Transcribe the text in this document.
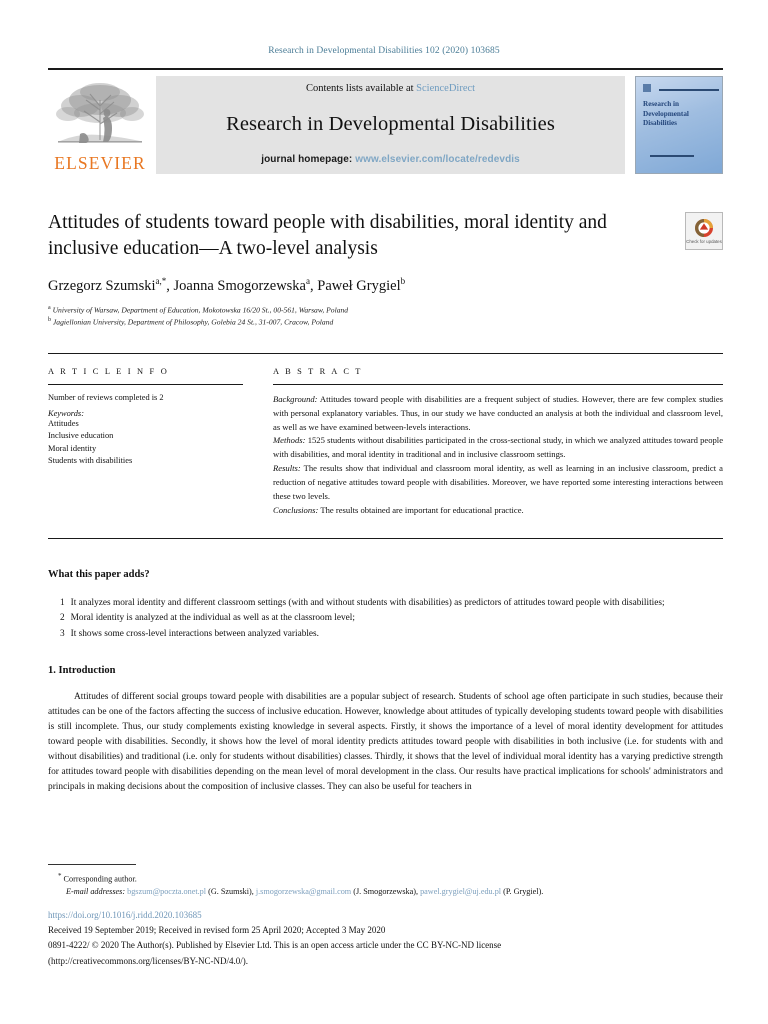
Research in Developmental Disabilities 102 (2020) 103685
ELSEVIER
Contents lists available at ScienceDirect
Research in Developmental Disabilities
journal homepage: www.elsevier.com/locate/redevdis
Research in Developmental Disabilities
Attitudes of students toward people with disabilities, moral identity and inclusive education—A two-level analysis
Grzegorz Szumski$^{a,*}$, Joanna Smogorzewska$^a$, Paweł Grygiel$^b$
$^a$ University of Warsaw, Department of Education, Mokotowska 16/20 St., 00-561, Warsaw, Poland
$^b$ Jagiellonian University, Department of Philosophy, Golebia 24 St., 31-007, Cracow, Poland
Check for updates
A R T I C L E I N F O
Number of reviews completed is 2
Keywords:
Attitudes
Inclusive education
Moral identity
Students with disabilities
A B S T R A C T

Background: Attitudes toward people with disabilities are a frequent subject of studies. However, there are few complex studies with personal explanatory variables. Thus, in our study we have conducted an analysis at both the individual and classroom level, as well as we have examined between-levels interactions.

Methods: 1525 students without disabilities participated in the cross-sectional study, in which we analyzed attitudes toward people with disabilities, and moral identity in traditional and in inclusive classroom settings.

Results: The results show that individual and classroom moral identity, as well as learning in an inclusive classroom, predict a reduction of negative attitudes toward people with disabilities. Moreover, we have reported some interesting interactions between these two levels.

Conclusions: The results obtained are important for educational practice.

What this paper adds?
1 It analyzes moral identity and different classroom settings (with and without students with disabilities) as predictors of attitudes toward people with disabilities;
2 Moral identity is analyzed at the individual as well as at the classroom level;
3 It shows some cross-level interactions between analyzed variables.
1. Introduction

Attitudes of different social groups toward people with disabilities are a popular subject of research. Students of school age often participate in such studies, because their attitudes can be one of the factors affecting the success of inclusive education. However, knowledge about attitudes of typically developing students toward people with disabilities is still incomplete. Thus, our study complements existing knowledge in several aspects. Firstly, it shows the importance of a level of moral identity development for attitudes toward people with disabilities. Secondly, it shows how the level of moral identity predicts attitudes toward people with disabilities in both inclusive (i.e. for students with and without disabilities) and traditional (i.e. only for students without disabilities) classes. Thirdly, it shows that the level of individual moral identity has a varying predictive strength for attitudes toward people with disabilities depending on the mean level of moral development in the class. Our results have practical implications for schools' administrators and principals in making decisions about the composition of inclusive classes. They can also be useful for teachers in

* Corresponding author.
E-mail addresses: bgszum@poczta.onet.pl (G. Szumski), j.smogorzewska@gmail.com (J. Smogorzewska), pawel.grygiel@uj.edu.pl (P. Grygiel).
https://doi.org/10.1016/j.ridd.2020.103685
Received 19 September 2019; Received in revised form 25 April 2020; Accepted 3 May 2020
0891-4222/ © 2020 The Author(s). Published by Elsevier Ltd. This is an open access article under the CC BY-NC-ND license
(http://creativecommons.org/licenses/BY-NC-ND/4.0/).
